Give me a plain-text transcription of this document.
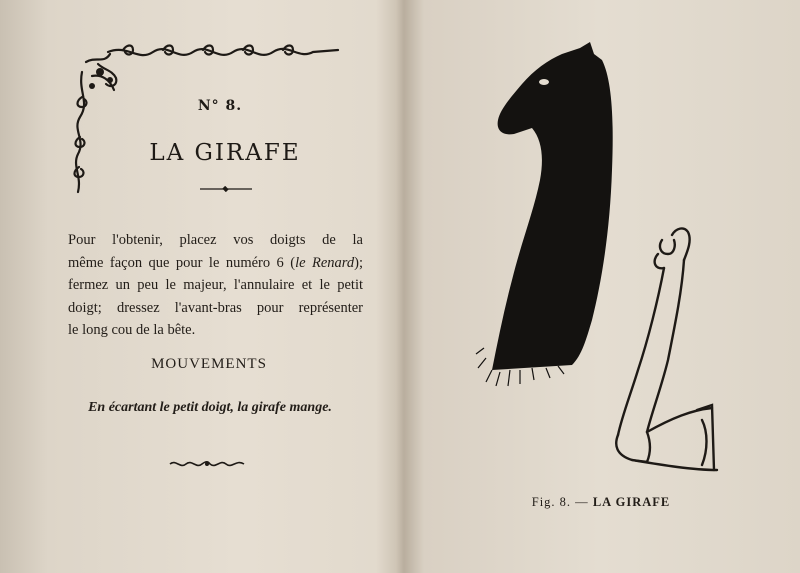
N° 8.
LA GIRAFE
Pour l'obtenir, placez vos doigts de la
même façon que pour le numéro 6 (le Renard);
fermez un peu le majeur, l'annulaire et le petit
doigt; dressez l'avant-bras pour représenter
le long cou de la bête.
MOUVEMENTS
En écartant le petit doigt, la girafe mange.
Fig. 8. — LA GIRAFE
